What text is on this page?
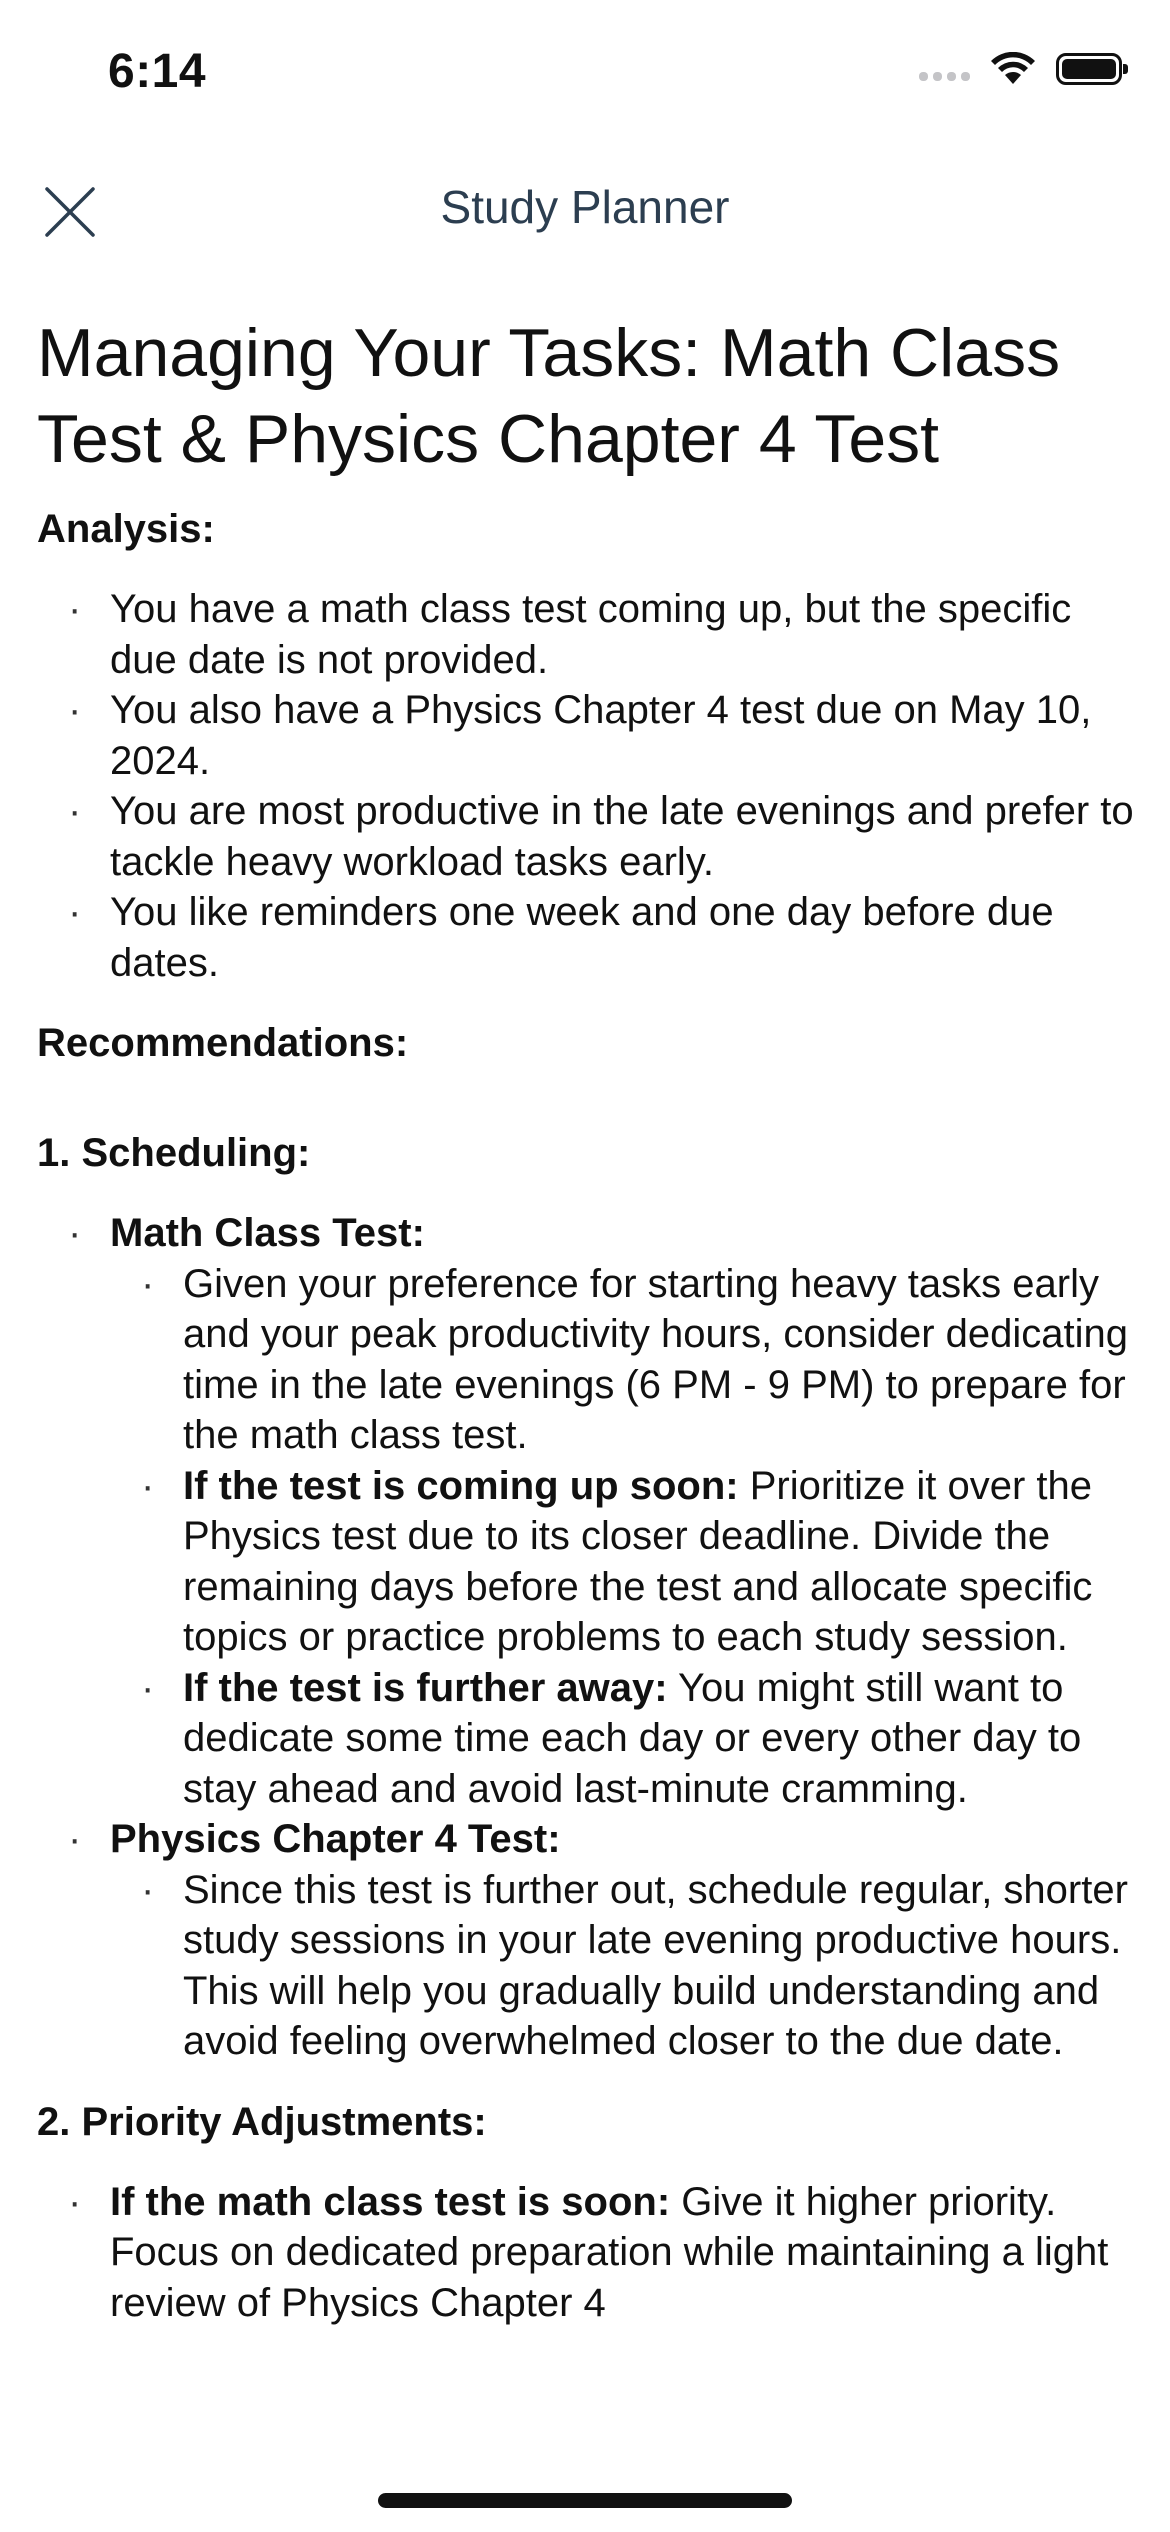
6:14
Study Planner
Managing Your Tasks: Math Class Test & Physics Chapter 4 Test
Analysis:
· You have a math class test coming up, but the specific due date is not provided.
· You also have a Physics Chapter 4 test due on May 10, 2024.
· You are most productive in the late evenings and prefer to tackle heavy workload tasks early.
· You like reminders one week and one day before due dates.
Recommendations:
1. Scheduling:
· Math Class Test:
· Given your preference for starting heavy tasks early and your peak productivity hours, consider dedicating time in the late evenings (6 PM - 9 PM) to prepare for the math class test.
· If the test is coming up soon: Prioritize it over the Physics test due to its closer deadline. Divide the remaining days before the test and allocate specific topics or practice problems to each study session.
· If the test is further away: You might still want to dedicate some time each day or every other day to stay ahead and avoid last-minute cramming.
· Physics Chapter 4 Test:
· Since this test is further out, schedule regular, shorter study sessions in your late evening productive hours. This will help you gradually build understanding and avoid feeling overwhelmed closer to the due date.
2. Priority Adjustments:
· If the math class test is soon: Give it higher priority. Focus on dedicated preparation while maintaining a light review of Physics Chapter 4
